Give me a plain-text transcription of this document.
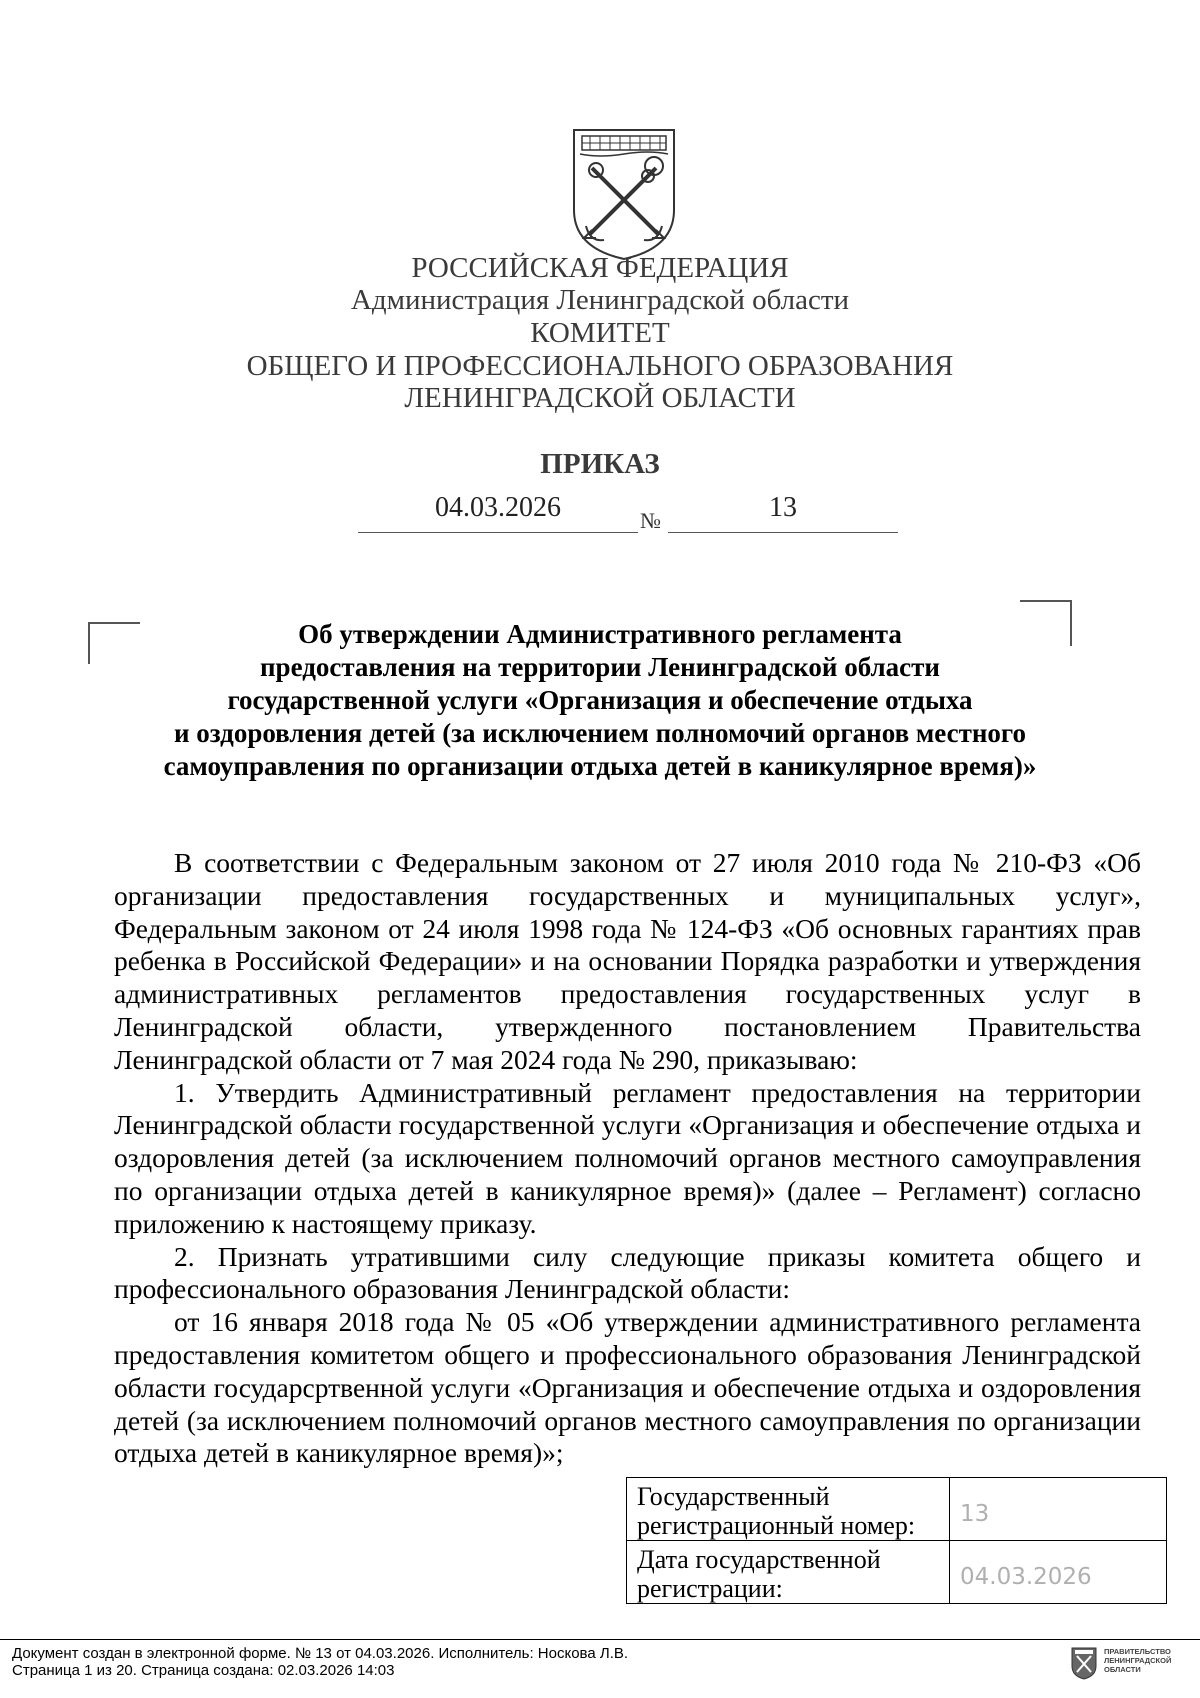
РОССИЙСКАЯ ФЕДЕРАЦИЯ
Администрация Ленинградской области
КОМИТЕТ
ОБЩЕГО И ПРОФЕССИОНАЛЬНОГО ОБРАЗОВАНИЯ
ЛЕНИНГРАДСКОЙ ОБЛАСТИ
ПРИКАЗ
04.03.2026	№	13
Об утверждении Административного регламента
предоставления на территории Ленинградской области
государственной услуги «Организация и обеспечение отдыха
и оздоровления детей (за исключением полномочий органов местного
самоуправления по организации отдыха детей в каникулярное время)»

В соответствии с Федеральным законом от 27 июля 2010 года № 210-ФЗ «Об организации предоставления государственных и муниципальных услуг», Федеральным законом от 24 июля 1998 года № 124-ФЗ «Об основных гарантиях прав ребенка в Российской Федерации» и на основании Порядка разработки и утверждения административных регламентов предоставления государственных услуг в Ленинградской области, утвержденного постановлением Правительства Ленинградской области от 7 мая 2024 года № 290, приказываю:

1. Утвердить Административный регламент предоставления на территории Ленинградской области государственной услуги «Организация и обеспечение отдыха и оздоровления детей (за исключением полномочий органов местного самоуправления по организации отдыха детей в каникулярное время)» (далее – Регламент) согласно приложению к настоящему приказу.

2. Признать утратившими силу следующие приказы комитета общего и профессионального образования Ленинградской области:

от 16 января 2018 года № 05 «Об утверждении административного регламента предоставления комитетом общего и профессионального образования Ленинградской области государсртвенной услуги «Организация и обеспечение отдыха и оздоровления детей (за исключением полномочий органов местного самоуправления по организации отдыха детей в каникулярное время)»;

Государственный регистрационный номер:	13
Дата государственной регистрации:	04.03.2026
Документ создан в электронной форме. № 13 от 04.03.2026. Исполнитель: Носкова Л.В.
Страница 1 из 20. Страница создана: 02.03.2026 14:03
ПРАВИТЕЛЬСТВО ЛЕНИНГРАДСКОЙ ОБЛАСТИ
